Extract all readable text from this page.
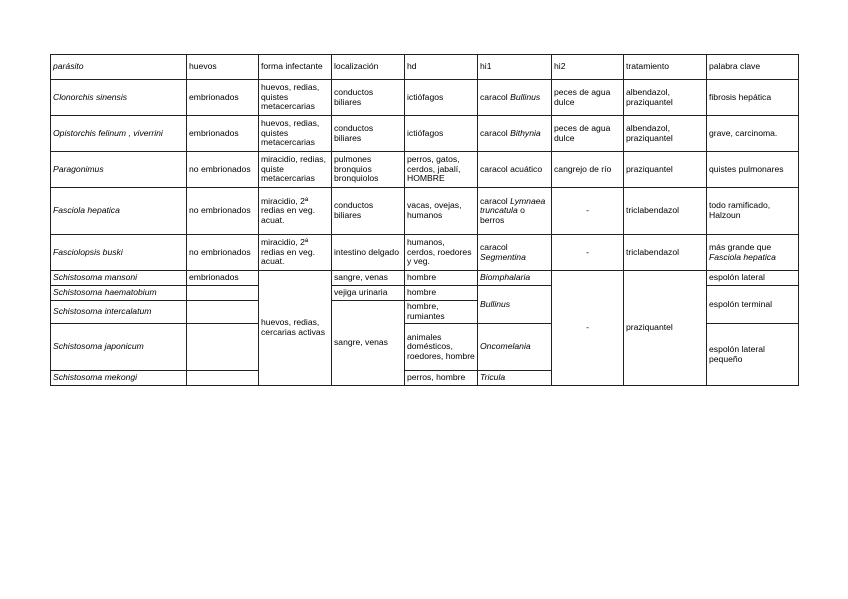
parásito	huevos	forma infectante	localización	hd	hi1	hi2	tratamiento	palabra clave
Clonorchis sinensis	embrionados	huevos, redias, quistes metacercarias	conductos biliares	ictiófagos	caracol Bullinus	peces de agua dulce	albendazol, praziquantel	fibrosis hepática
Opistorchis felinum , viverrini	embrionados	huevos, redias, quistes metacercarias	conductos biliares	ictiófagos	caracol Bithynia	peces de agua dulce	albendazol, praziquantel	grave, carcinoma.
Paragonimus	no embrionados	miracidio, redias, quiste metacercarias	pulmones bronquios bronquiolos	perros, gatos, cerdos, jabalí, HOMBRE	caracol acuático	cangrejo de río	praziquantel	quistes pulmonares
Fasciola hepatica	no embrionados	miracidio, 2ª redias en veg. acuat.	conductos biliares	vacas, ovejas, humanos	caracol Lymnaea truncatula o berros	-	triclabendazol	todo ramificado, Halzoun
Fasciolopsis buski	no embrionados	miracidio, 2ª redias en veg. acuat.	intestino delgado	humanos, cerdos, roedores y veg.	caracol Segmentina	-	triclabendazol	más grande que Fasciola hepatica
Schistosoma mansoni	embrionados	huevos, redias, cercarias activas	sangre, venas	hombre	Biomphalaria	-	praziquantel	espolón lateral
Schistosoma haematobium			vejiga urinaria	hombre	Bullinus			espolón terminal
Schistosoma intercalatum			sangre, venas	hombre, rumiantes				
Schistosoma japonicum				animales domésticos, roedores, hombre	Oncomelania			espolón lateral pequeño
Schistosoma mekongi				perros, hombre	Tricula			
